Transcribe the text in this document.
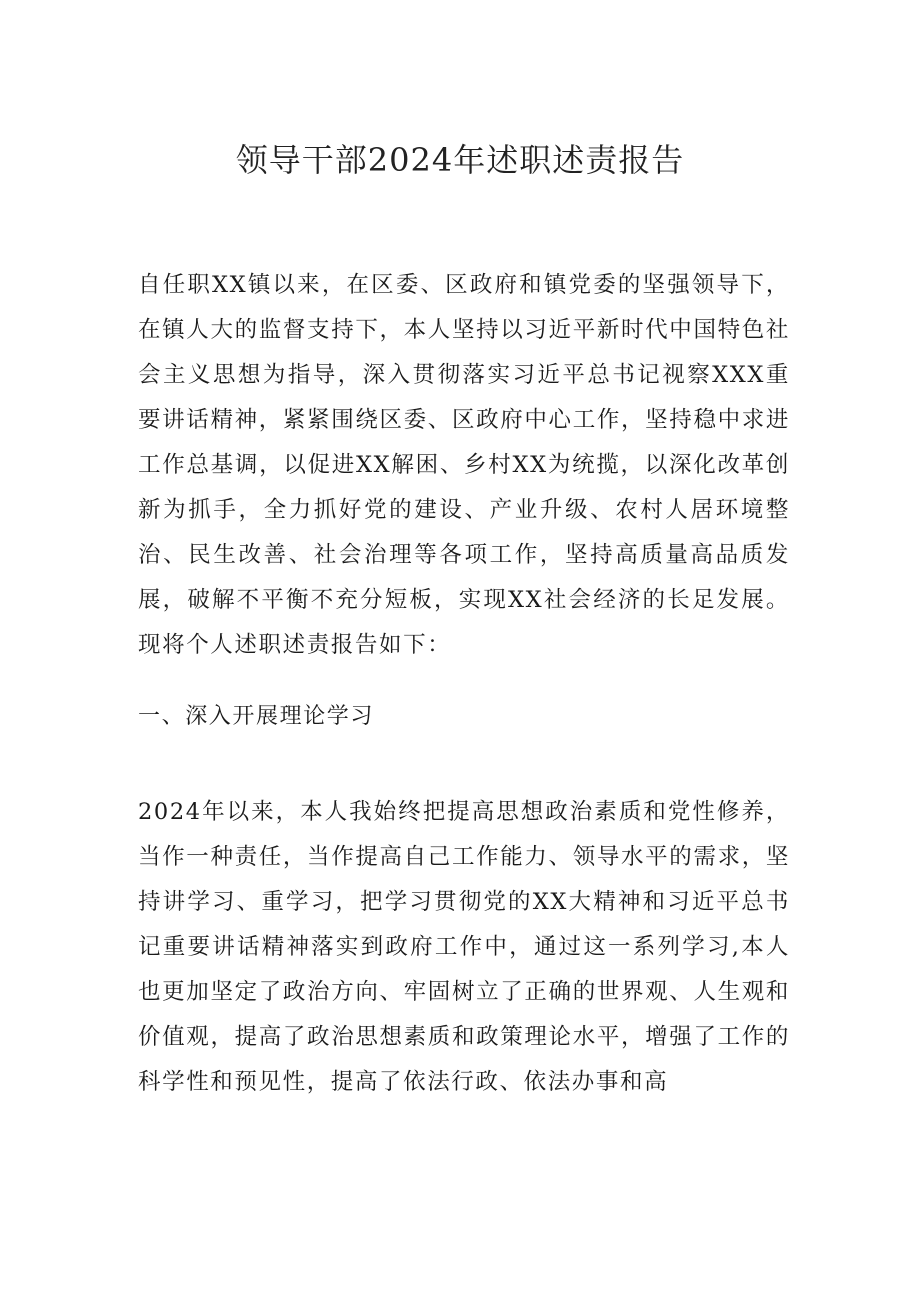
领导干部2024年述职述责报告

自任职XX镇以来，在区委、区政府和镇党委的坚强领导下，在镇人大的监督支持下，本人坚持以习近平新时代中国特色社会主义思想为指导，深入贯彻落实习近平总书记视察XXX重要讲话精神，紧紧围绕区委、区政府中心工作，坚持稳中求进工作总基调，以促进XX解困、乡村XX为统揽，以深化改革创新为抓手，全力抓好党的建设、产业升级、农村人居环境整治、民生改善、社会治理等各项工作，坚持高质量高品质发展，破解不平衡不充分短板，实现XX社会经济的长足发展。现将个人述职述责报告如下：

一、深入开展理论学习

2024年以来，本人我始终把提高思想政治素质和党性修养，当作一种责任，当作提高自己工作能力、领导水平的需求，坚持讲学习、重学习，把学习贯彻党的XX大精神和习近平总书记重要讲话精神落实到政府工作中，通过这一系列学习,本人也更加坚定了政治方向、牢固树立了正确的世界观、人生观和价值观，提高了政治思想素质和政策理论水平，增强了工作的科学性和预见性，提高了依法行政、依法办事和高
